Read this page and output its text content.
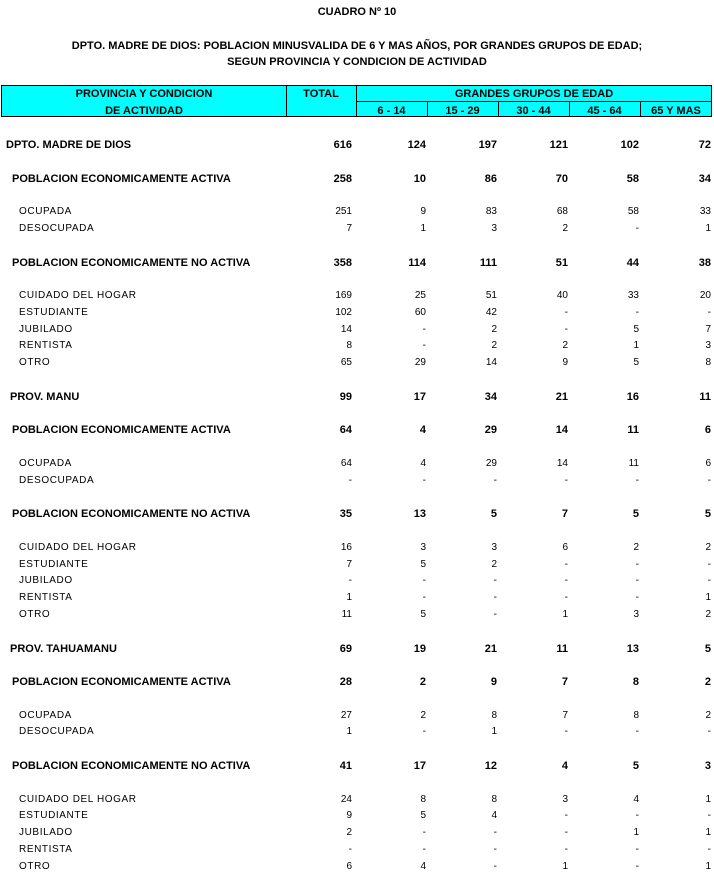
CUADRO Nº 10
DPTO. MADRE DE DIOS: POBLACION MINUSVALIDA DE 6 Y MAS AÑOS, POR GRANDES GRUPOS DE EDAD;
SEGUN PROVINCIA Y CONDICION DE ACTIVIDAD
PROVINCIA Y CONDICION
DE ACTIVIDAD
TOTAL	GRANDES GRUPOS DE EDAD
6 - 14	15 - 29	30 - 44	45 - 64	65 Y MAS
DPTO. MADRE DE DIOS	616	124	197	121	102	72
POBLACION ECONOMICAMENTE ACTIVA	258	10	86	70	58	34
OCUPADA	251	9	83	68	58	33
DESOCUPADA	7	1	3	2	-	1
POBLACION ECONOMICAMENTE NO ACTIVA	358	114	111	51	44	38
CUIDADO DEL HOGAR	169	25	51	40	33	20
ESTUDIANTE	102	60	42	-	-	-
JUBILADO	14	-	2	-	5	7
RENTISTA	8	-	2	2	1	3
OTRO	65	29	14	9	5	8
PROV. MANU	99	17	34	21	16	11
POBLACION ECONOMICAMENTE ACTIVA	64	4	29	14	11	6
OCUPADA	64	4	29	14	11	6
DESOCUPADA	-	-	-	-	-	-
POBLACION ECONOMICAMENTE NO ACTIVA	35	13	5	7	5	5
CUIDADO DEL HOGAR	16	3	3	6	2	2
ESTUDIANTE	7	5	2	-	-	-
JUBILADO	-	-	-	-	-	-
RENTISTA	1	-	-	-	-	1
OTRO	11	5	-	1	3	2
PROV. TAHUAMANU	69	19	21	11	13	5
POBLACION ECONOMICAMENTE ACTIVA	28	2	9	7	8	2
OCUPADA	27	2	8	7	8	2
DESOCUPADA	1	-	1	-	-	-
POBLACION ECONOMICAMENTE NO ACTIVA	41	17	12	4	5	3
CUIDADO DEL HOGAR	24	8	8	3	4	1
ESTUDIANTE	9	5	4	-	-	-
JUBILADO	2	-	-	-	1	1
RENTISTA	-	-	-	-	-	-
OTRO	6	4	-	1	-	1
